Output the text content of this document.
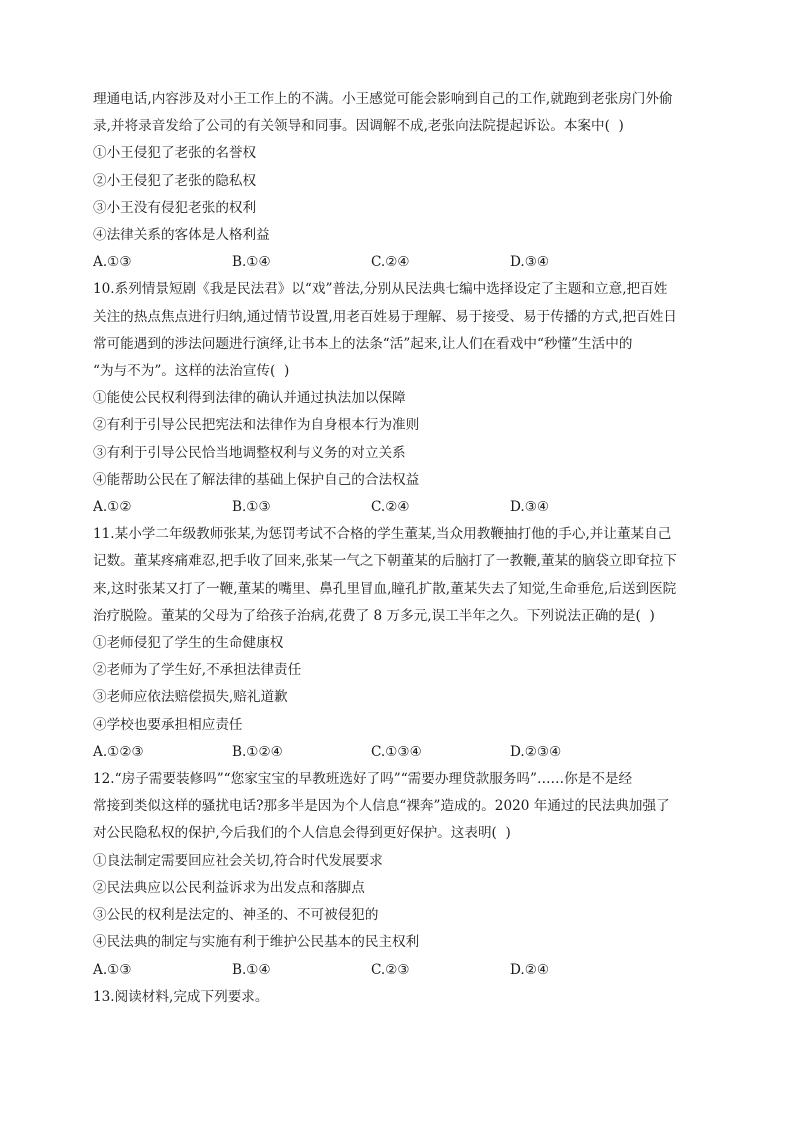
理通电话,内容涉及对小王工作上的不满。小王感觉可能会影响到自己的工作,就跑到老张房门外偷
录,并将录音发给了公司的有关领导和同事。因调解不成,老张向法院提起诉讼。本案中(  )
①小王侵犯了老张的名誉权
②小王侵犯了老张的隐私权
③小王没有侵犯老张的权利
④法律关系的客体是人格利益
A.①③	B.①④	C.②④	D.③④
10.系列情景短剧《我是民法君》以“戏”普法,分别从民法典七编中选择设定了主题和立意,把百姓
关注的热点焦点进行归纳,通过情节设置,用老百姓易于理解、易于接受、易于传播的方式,把百姓日
常可能遇到的涉法问题进行演绎,让书本上的法条“活”起来,让人们在看戏中“秒懂”生活中的
“为与不为”。这样的法治宣传(  )
①能使公民权利得到法律的确认并通过执法加以保障
②有利于引导公民把宪法和法律作为自身根本行为准则
③有利于引导公民恰当地调整权利与义务的对立关系
④能帮助公民在了解法律的基础上保护自己的合法权益
A.①②	B.①③	C.②④	D.③④
11.某小学二年级教师张某,为惩罚考试不合格的学生董某,当众用教鞭抽打他的手心,并让董某自己
记数。董某疼痛难忍,把手收了回来,张某一气之下朝董某的后脑打了一教鞭,董某的脑袋立即耷拉下
来,这时张某又打了一鞭,董某的嘴里、鼻孔里冒血,瞳孔扩散,董某失去了知觉,生命垂危,后送到医院
治疗脱险。董某的父母为了给孩子治病,花费了 8 万多元,误工半年之久。下列说法正确的是(  )
①老师侵犯了学生的生命健康权
②老师为了学生好,不承担法律责任
③老师应依法赔偿损失,赔礼道歉
④学校也要承担相应责任
A.①②③	B.①②④	C.①③④	D.②③④
12.“房子需要装修吗”“您家宝宝的早教班选好了吗”“需要办理贷款服务吗”……你是不是经
常接到类似这样的骚扰电话?那多半是因为个人信息“裸奔”造成的。2020 年通过的民法典加强了
对公民隐私权的保护,今后我们的个人信息会得到更好保护。这表明(  )
①良法制定需要回应社会关切,符合时代发展要求
②民法典应以公民利益诉求为出发点和落脚点
③公民的权利是法定的、神圣的、不可被侵犯的
④民法典的制定与实施有利于维护公民基本的民主权利
A.①③	B.①④	C.②③	D.②④
13.阅读材料,完成下列要求。
